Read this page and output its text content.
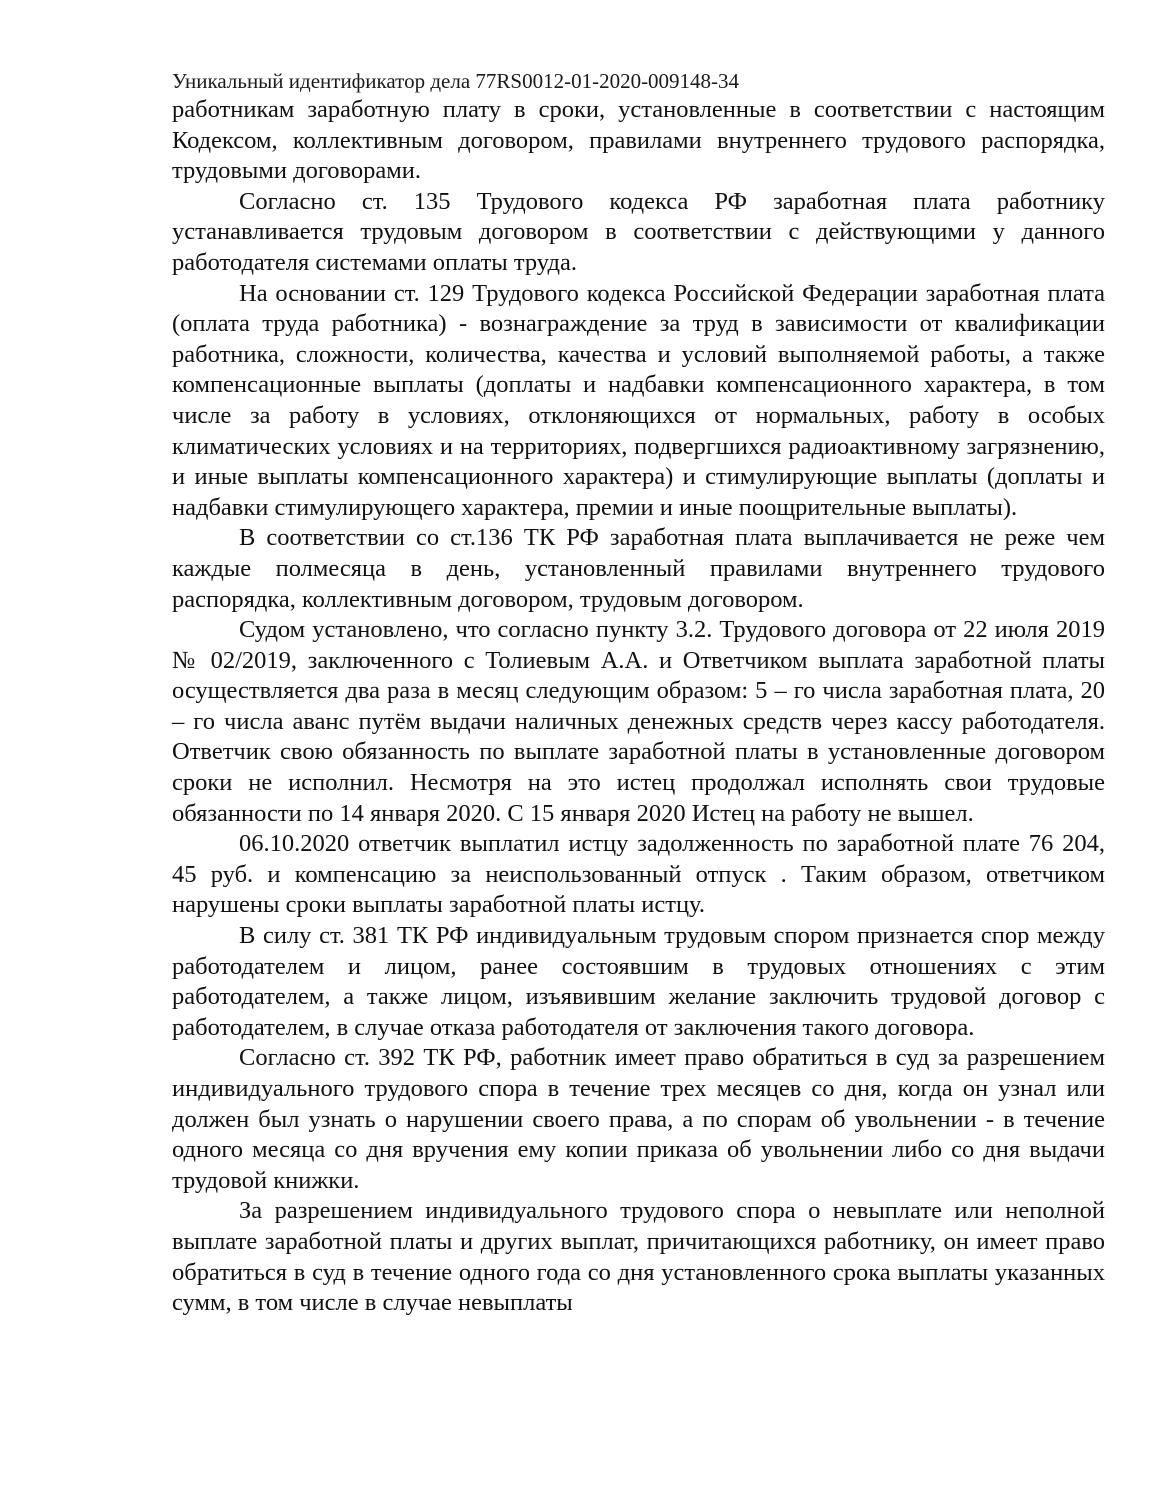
Уникальный идентификатор дела 77RS0012-01-2020-009148-34

работникам заработную плату в сроки, установленные в соответствии с настоящим Кодексом, коллективным договором, правилами внутреннего трудового распорядка, трудовыми договорами.

Согласно ст. 135 Трудового кодекса РФ заработная плата работнику устанавливается трудовым договором в соответствии с действующими у данного работодателя системами оплаты труда.

На основании ст. 129 Трудового кодекса Российской Федерации заработная плата (оплата труда работника) - вознаграждение за труд в зависимости от квалификации работника, сложности, количества, качества и условий выполняемой работы, а также компенсационные выплаты (доплаты и надбавки компенсационного характера, в том числе за работу в условиях, отклоняющихся от нормальных, работу в особых климатических условиях и на территориях, подвергшихся радиоактивному загрязнению, и иные выплаты компенсационного характера) и стимулирующие выплаты (доплаты и надбавки стимулирующего характера, премии и иные поощрительные выплаты).

В соответствии со ст.136 ТК РФ заработная плата выплачивается не реже чем каждые полмесяца в день, установленный правилами внутреннего трудового распорядка, коллективным договором, трудовым договором.

Судом установлено, что согласно пункту 3.2. Трудового договора от 22 июля 2019 № 02/2019, заключенного с Толиевым А.А. и Ответчиком выплата заработной платы осуществляется два раза в месяц следующим образом: 5 – го числа заработная плата, 20 – го числа аванс путём выдачи наличных денежных средств через кассу работодателя. Ответчик свою обязанность по выплате заработной платы в установленные договором сроки не исполнил. Несмотря на это истец продолжал исполнять свои трудовые обязанности по 14 января 2020. С 15 января 2020 Истец на работу не вышел.

06.10.2020 ответчик выплатил истцу задолженность по заработной плате 76 204, 45 руб. и компенсацию за неиспользованный отпуск . Таким образом, ответчиком нарушены сроки выплаты заработной платы истцу.

В силу ст. 381 ТК РФ индивидуальным трудовым спором признается спор между работодателем и лицом, ранее состоявшим в трудовых отношениях с этим работодателем, а также лицом, изъявившим желание заключить трудовой договор с работодателем, в случае отказа работодателя от заключения такого договора.

Согласно ст. 392 ТК РФ, работник имеет право обратиться в суд за разрешением индивидуального трудового спора в течение трех месяцев со дня, когда он узнал или должен был узнать о нарушении своего права, а по спорам об увольнении - в течение одного месяца со дня вручения ему копии приказа об увольнении либо со дня выдачи трудовой книжки.

За разрешением индивидуального трудового спора о невыплате или неполной выплате заработной платы и других выплат, причитающихся работнику, он имеет право обратиться в суд в течение одного года со дня установленного срока выплаты указанных сумм, в том числе в случае невыплаты
